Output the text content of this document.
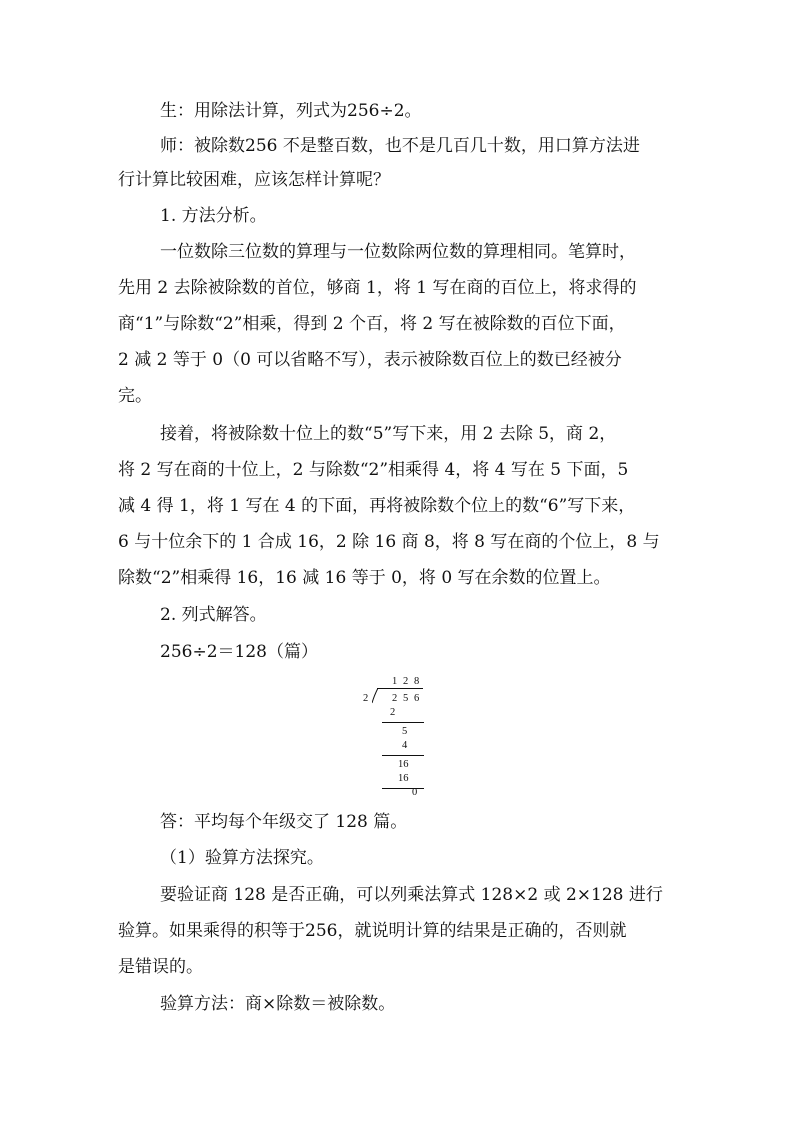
生：用除法计算，列式为256÷2。
师：被除数256 不是整百数，也不是几百几十数，用口算方法进
行计算比较困难，应该怎样计算呢？
1. 方法分析。
一位数除三位数的算理与一位数除两位数的算理相同。笔算时，
先用 2 去除被除数的首位，够商 1，将 1 写在商的百位上，将求得的
商“1”与除数“2”相乘，得到 2 个百，将 2 写在被除数的百位下面，
2 减 2 等于 0（0 可以省略不写），表示被除数百位上的数已经被分
完。
接着，将被除数十位上的数“5”写下来，用 2 去除 5，商 2，
将 2 写在商的十位上，2 与除数“2”相乘得 4，将 4 写在 5 下面，5
减 4 得 1，将 1 写在 4 的下面，再将被除数个位上的数“6”写下来，
6 与十位余下的 1 合成 16，2 除 16 商 8，将 8 写在商的个位上，8 与
除数“2”相乘得 16，16 减 16 等于 0，将 0 写在余数的位置上。
2. 列式解答。
256÷2＝128（篇）
1 2 8
2 2 5 6
2
5
4
16
16
0
答：平均每个年级交了 128 篇。
（1）验算方法探究。
要验证商 128 是否正确，可以列乘法算式 128×2 或 2×128 进行
验算。如果乘得的积等于256，就说明计算的结果是正确的，否则就
是错误的。
验算方法：商×除数＝被除数。
